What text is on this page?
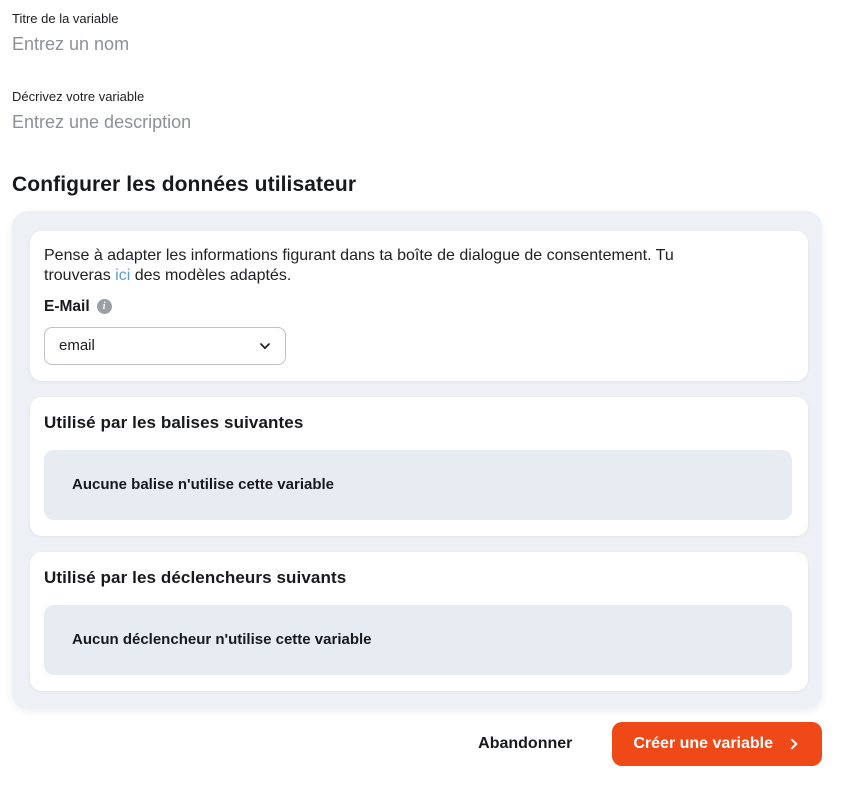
Titre de la variable
Entrez un nom
Décrivez votre variable
Entrez une description
Configurer les données utilisateur

Pense à adapter les informations figurant dans ta boîte de dialogue de consentement. Tu trouveras ici des modèles adaptés.

E-Mail	i
email
Utilisé par les balises suivantes
Aucune balise n'utilise cette variable
Utilisé par les déclencheurs suivants
Aucun déclencheur n'utilise cette variable
Abandonner	Créer une variable
